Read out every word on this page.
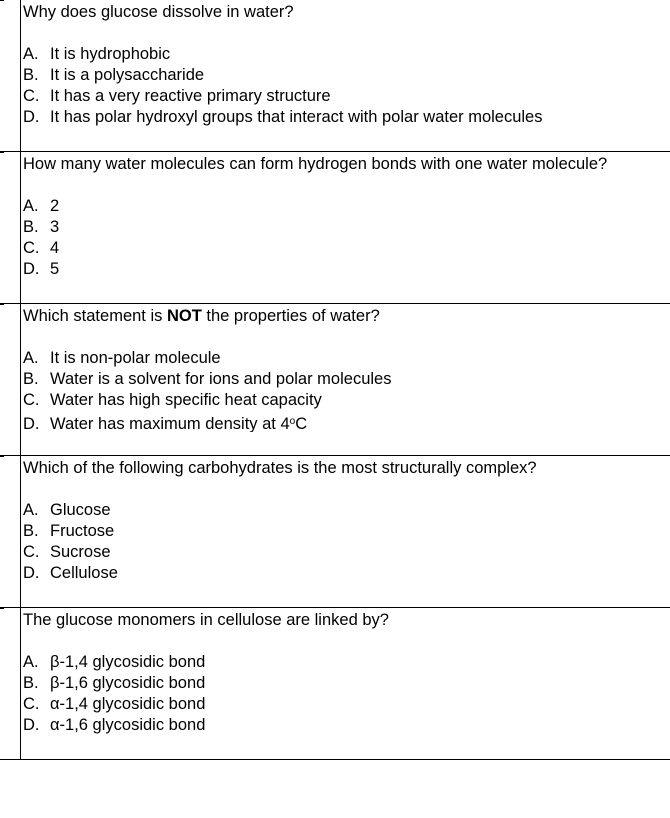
Why does glucose dissolve in water?
A. It is hydrophobic
B. It is a polysaccharide
C. It has a very reactive primary structure
D. It has polar hydroxyl groups that interact with polar water molecules
How many water molecules can form hydrogen bonds with one water molecule?
A. 2
B. 3
C. 4
D. 5
Which statement is NOT the properties of water?
A. It is non-polar molecule
B. Water is a solvent for ions and polar molecules
C. Water has high specific heat capacity
D. Water has maximum density at 4$^o$C
Which of the following carbohydrates is the most structurally complex?
A. Glucose
B. Fructose
C. Sucrose
D. Cellulose
The glucose monomers in cellulose are linked by?
A. β-1,4 glycosidic bond
B. β-1,6 glycosidic bond
C. α-1,4 glycosidic bond
D. α-1,6 glycosidic bond
